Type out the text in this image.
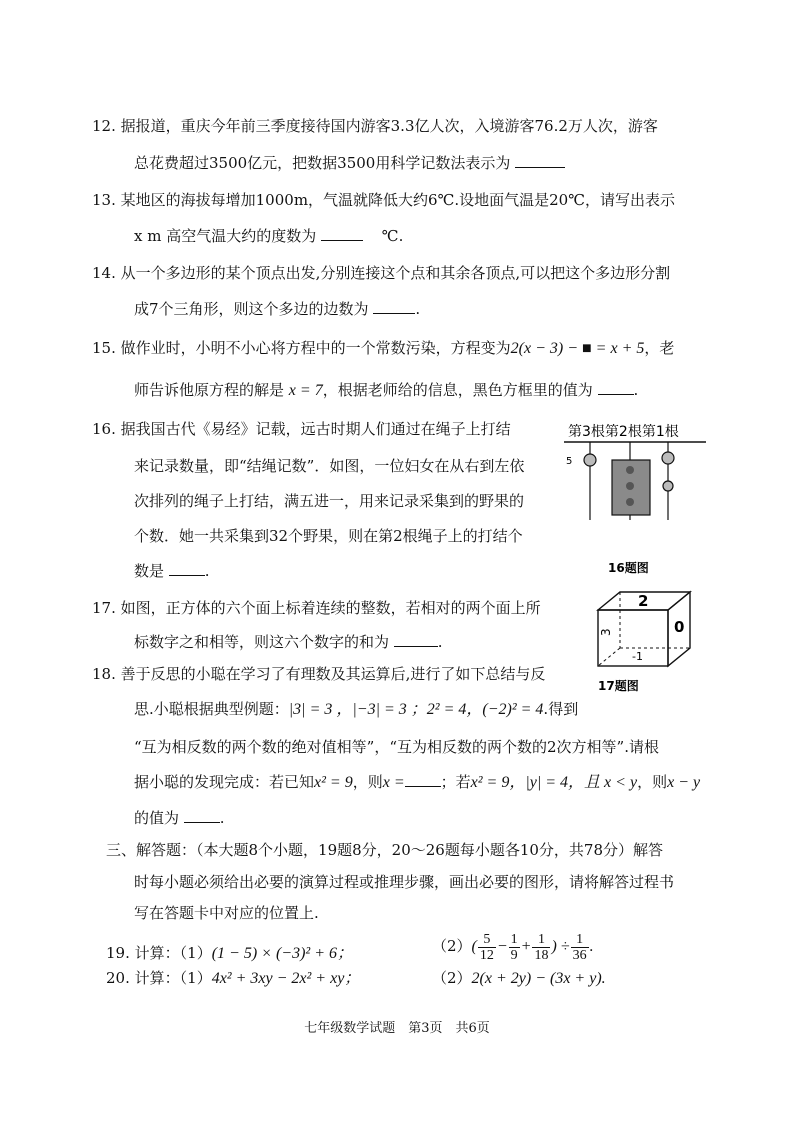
12. 据报道，重庆今年前三季度接待国内游客3.3亿人次，入境游客76.2万人次，游客
总花费超过3500亿元，把数据3500用科学记数法表示为
13. 某地区的海拔每增加1000m，气温就降低大约6℃.设地面气温是20℃，请写出表示
x m 高空气温大约的度数为	℃.
14. 从一个多边形的某个顶点出发,分别连接这个点和其余各顶点,可以把这个多边形分割
成7个三角形，则这个多边的边数为	.
15. 做作业时，小明不小心将方程中的一个常数污染，方程变为2(x − 3) − ■ = x + 5，老
师告诉他原方程的解是 x = 7，根据老师给的信息，黑色方框里的值为	.
16. 据我国古代《易经》记载，远古时期人们通过在绳子上打结
来记录数量，即“结绳记数”．如图，一位妇女在从右到左依
次排列的绳子上打结，满五进一，用来记录采集到的野果的
个数．她一共采集到32个野果，则在第2根绳子上的打结个
数是	.
第3根第2根第1根
5
16题图
17. 如图，正方体的六个面上标着连续的整数，若相对的两个面上所
标数字之和相等，则这六个数字的和为	.
2
0
3
-1
17题图
18. 善于反思的小聪在学习了有理数及其运算后,进行了如下总结与反
思.小聪根据典型例题：|3| = 3 ，|−3| = 3 ；2² = 4，(−2)² = 4.得到
“互为相反数的两个数的绝对值相等”，“互为相反数的两个数的2次方相等”.请根
据小聪的发现完成：若已知x² = 9，则x = ；若x² = 9，|y| = 4，且 x < y，则x − y
的值为	.
三、解答题：（本大题8个小题，19题8分，20～26题每小题各10分，共78分）解答
时每小题必须给出必要的演算过程或推理步骤，画出必要的图形，请将解答过程书
写在答题卡中对应的位置上.
19. 计算：（1）(1 − 5) × (−3)² + 6；	$(2)( \frac{5}{12} - \frac{1}{9} + \frac{1}{18}$ ) ÷ $\frac{1}{36}$ .
20. 计算：（1）4x² + 3xy − 2x² + xy；	（2）2(x + 2y) − (3x + y).
七年级数学试题　第3页　共6页
